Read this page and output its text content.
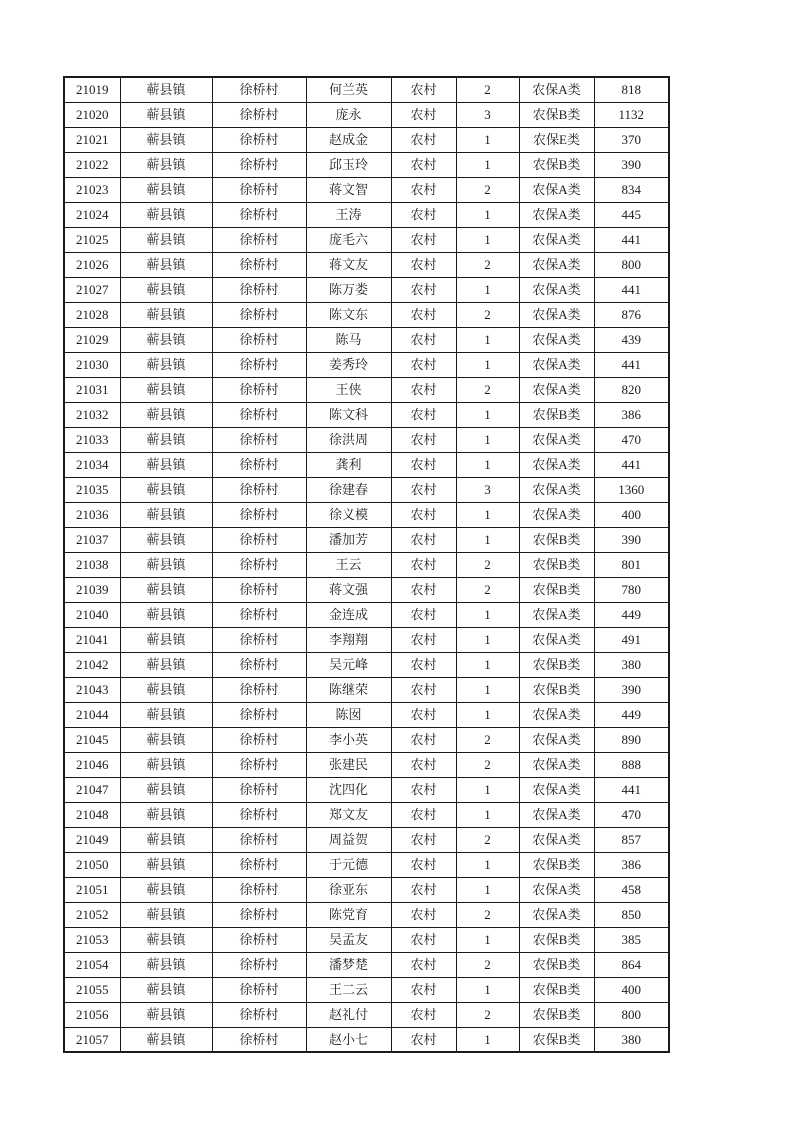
21019	蕲县镇	徐桥村	何兰英	农村	2	农保A类	818
21020	蕲县镇	徐桥村	庞永	农村	3	农保B类	1132
21021	蕲县镇	徐桥村	赵成金	农村	1	农保E类	370
21022	蕲县镇	徐桥村	邱玉玲	农村	1	农保B类	390
21023	蕲县镇	徐桥村	蒋文智	农村	2	农保A类	834
21024	蕲县镇	徐桥村	王涛	农村	1	农保A类	445
21025	蕲县镇	徐桥村	庞毛六	农村	1	农保A类	441
21026	蕲县镇	徐桥村	蒋文友	农村	2	农保A类	800
21027	蕲县镇	徐桥村	陈万娄	农村	1	农保A类	441
21028	蕲县镇	徐桥村	陈文东	农村	2	农保A类	876
21029	蕲县镇	徐桥村	陈马	农村	1	农保A类	439
21030	蕲县镇	徐桥村	姜秀玲	农村	1	农保A类	441
21031	蕲县镇	徐桥村	王侠	农村	2	农保A类	820
21032	蕲县镇	徐桥村	陈文科	农村	1	农保B类	386
21033	蕲县镇	徐桥村	徐洪周	农村	1	农保A类	470
21034	蕲县镇	徐桥村	龚利	农村	1	农保A类	441
21035	蕲县镇	徐桥村	徐建春	农村	3	农保A类	1360
21036	蕲县镇	徐桥村	徐义模	农村	1	农保A类	400
21037	蕲县镇	徐桥村	潘加芳	农村	1	农保B类	390
21038	蕲县镇	徐桥村	王云	农村	2	农保B类	801
21039	蕲县镇	徐桥村	蒋文强	农村	2	农保B类	780
21040	蕲县镇	徐桥村	金连成	农村	1	农保A类	449
21041	蕲县镇	徐桥村	李翔翔	农村	1	农保A类	491
21042	蕲县镇	徐桥村	吴元峰	农村	1	农保B类	380
21043	蕲县镇	徐桥村	陈继荣	农村	1	农保B类	390
21044	蕲县镇	徐桥村	陈囡	农村	1	农保A类	449
21045	蕲县镇	徐桥村	李小英	农村	2	农保A类	890
21046	蕲县镇	徐桥村	张建民	农村	2	农保A类	888
21047	蕲县镇	徐桥村	沈四化	农村	1	农保A类	441
21048	蕲县镇	徐桥村	郑文友	农村	1	农保A类	470
21049	蕲县镇	徐桥村	周益贺	农村	2	农保A类	857
21050	蕲县镇	徐桥村	于元德	农村	1	农保B类	386
21051	蕲县镇	徐桥村	徐亚东	农村	1	农保A类	458
21052	蕲县镇	徐桥村	陈党育	农村	2	农保A类	850
21053	蕲县镇	徐桥村	吴孟友	农村	1	农保B类	385
21054	蕲县镇	徐桥村	潘梦楚	农村	2	农保B类	864
21055	蕲县镇	徐桥村	王二云	农村	1	农保B类	400
21056	蕲县镇	徐桥村	赵礼付	农村	2	农保B类	800
21057	蕲县镇	徐桥村	赵小七	农村	1	农保B类	380
